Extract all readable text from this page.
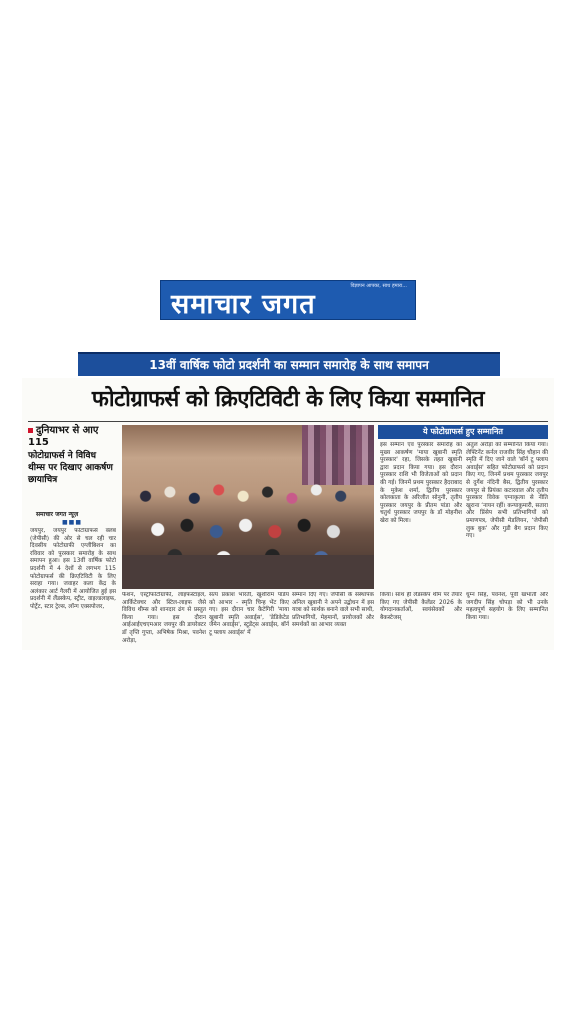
समाचार जगत
विज्ञापन आपका, साथ हमारा...
13वीं वार्षिक फोटो प्रदर्शनी का सम्मान समारोह के साथ समापन
फोटोग्राफर्स को क्रिएटिविटी के लिए किया सम्मानित
दुनियाभर से आए 115
फोटोग्राफर्स ने विविध थीम्स पर दिखाए आकर्षण छायाचित्र
समाचार जगत न्यूज़
■■■
जयपुर, जयपुर फोटोग्राफर्स क्लब (जेपीसी) की ओर से चल रही चार दिवसीय फोटोग्राफी एग्जीबिशन का रविवार को पुरस्कार समारोह के साथ समापन हुआ। इस 13वीं वार्षिक फोटो प्रदर्शनी में 4 देशों से लगभग 115 फोटोग्राफर्स की क्रिएटिविटी के लिए सराहा गया। जवाहर कला केंद्र के अलंकार आर्ट गैलरी में आयोजित हुई इस प्रदर्शनी में लैंडस्केप, स्ट्रीट, वाइल्डलाइफ, पोर्ट्रेट, स्टार ट्रेल्स, लॉन्ग एक्सपोजर,
फैशन, एस्ट्रोफोटोग्राफी, लाइफस्टाइल, आर्किटेक्चर और स्टिल-लाइफ जैसे विविध थीम्स को शानदार ढंग से प्रस्तुत किया गया। इस दौरान आईआईएचएमआर जयपुर की डायरेक्टर डॉ तृप्ति गुप्ता, अभिषेक मिश्रा, पवनेश अरोड़ा,
सत्य प्रकाश भारती, खुशीराम पांडेय को आभार - स्मृति चिन्ह भेंट किए गए। इस दौरान चार कैटेगिरी 'माया खुबानी स्मृति अवार्ड्स', 'डेडिकेटेड जैमेन अवार्ड्स', स्टूडेंट्स अवार्ड्स, बॉर्न टू फ्लाय अवार्ड्स' में
सम्मान दिए गए। जेपीसी के संस्थापक अनिल खुबानी ने अपने उद्बोधन में इस यात्रा को सार्थक बनाने वाले सभी साथी, प्रतिभागियों, मेहमानों, प्रायोजकों और समर्थकों का आभार व्यक्त
ये फोटोग्राफर्स हुए सम्मानित
इस सम्मान एवं पुरस्कार समारोह का मुख्य आकर्षण 'माया खुबानी स्मृति पुरस्कार' रहा, जिसके तहत खुबानी द्वारा प्रदान किया गया। इस दौरान पुरस्कार राशि भी विजेताओं को प्रदान की गई। जिनमें प्रथम पुरस्कार हैदराबाद के मुकेश शर्मा, द्वितीय पुरस्कार कोलकाता के अरिजीत सोनुनी, तृतीय पुरस्कार जयपुर के प्रीतम पांडा और चतुर्थ पुरस्कार जयपुर के डॉ मोहनीश खेरा को मिला।
अतुल अरोड़ा को सम्मानित किया गया। लेफ्टिनेंट कर्नल राजवीर सिंह चौहान की स्मृति में दिए जाने वाले 'बॉर्न टू फ्लाय अवार्ड्स' सहित फोटोग्राफर्स को प्रदान किए गए, जिनमें प्रथम पुरस्कार जयपुर से दुर्गेश नंदिनी बैस, द्वितीय पुरस्कार जयपुर से प्रियंका कटारवाल और तृतीय पुरस्कार विवेक एग्नाकृत्या से नीति खुराना ‘नायन रहीं। कन्याकुमारी, सतारा और प्रिंसेप सभी प्रतिभागियों को प्रमाणपत्र, जेपीसी मेडलियन, ‘जेपीसी लुक बुक’ और गुडी बैग प्रदान किए गए।
किया। साथ ही लैंडस्केप थीम पर तैयार किए गए जेपीसी कैलेंडर 2026 के योगदानकर्ताओं, स्वयंसेवकों और बैकस्टेजस्
धुम्न सिंह, पवनेश, पूर्वी खंभाती और जगदीप सिंह चोपड़ा को भी उनके महत्वपूर्ण सहयोग के लिए सम्मानित किया गया।
